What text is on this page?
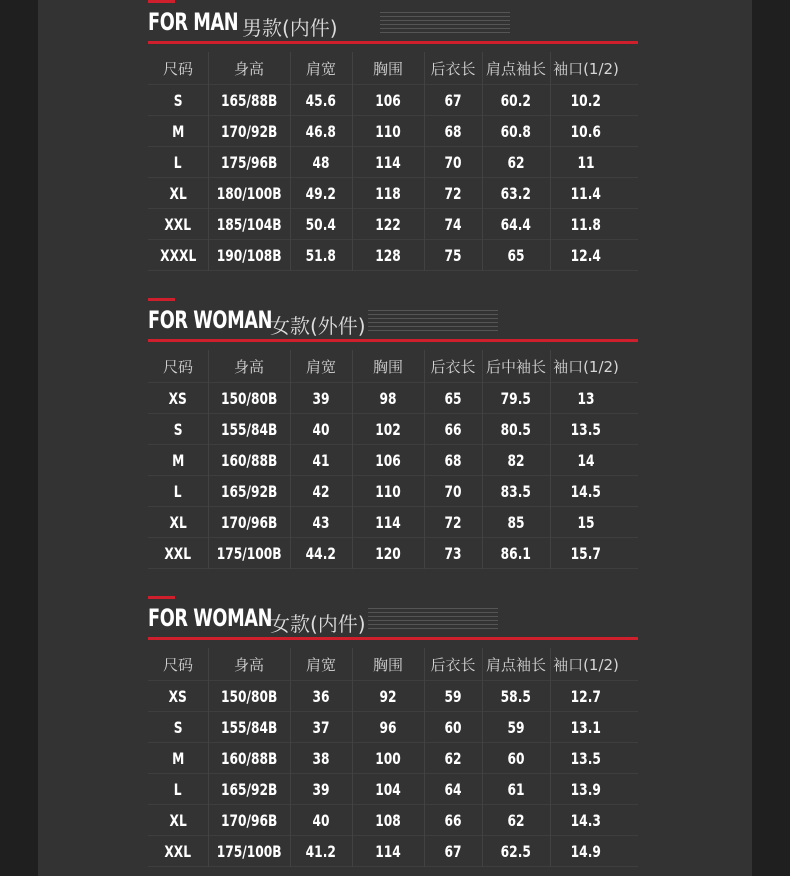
FOR MAN 男款(内件)
尺码	身高	肩宽	胸围	后衣长 肩点袖长 袖口(1/2)
S 165/88B 45.6 106	67 60.2 10.2
M 170/92B 46.8 110	68 60.8 10.6
L 175/96B 48	114	70	62	11
XL 180/100B 49.2 118	72 63.2 11.4
XXL 185/104B 50.4 122	74 64.4 11.8
XXXL 190/108B 51.8 128	75	65	12.4
FOR WOMAN
女款(外件)
尺码	身高	肩宽	胸围	后衣长 后中袖长 袖口(1/2)
XS 150/80B 39	98	65 79.5	13
S 155/84B 40	102	66 80.5 13.5
M 160/88B 41	106	68	82	14
L 165/92B 42	110	70 83.5 14.5
XL 170/96B 43	114	72	85	15
XXL 175/100B 44.2 120	73 86.1 15.7
FOR WOMAN
女款(内件)
尺码	身高	肩宽	胸围	后衣长 肩点袖长 袖口(1/2)
XS 150/80B 36	92	59 58.5 12.7
S 155/84B 37	96	60	59	13.1
M 160/88B 38	100	62	60	13.5
L 165/92B 39	104	64	61	13.9
XL 170/96B 40	108	66	62	14.3
XXL 175/100B 41.2 114	67 62.5 14.9
